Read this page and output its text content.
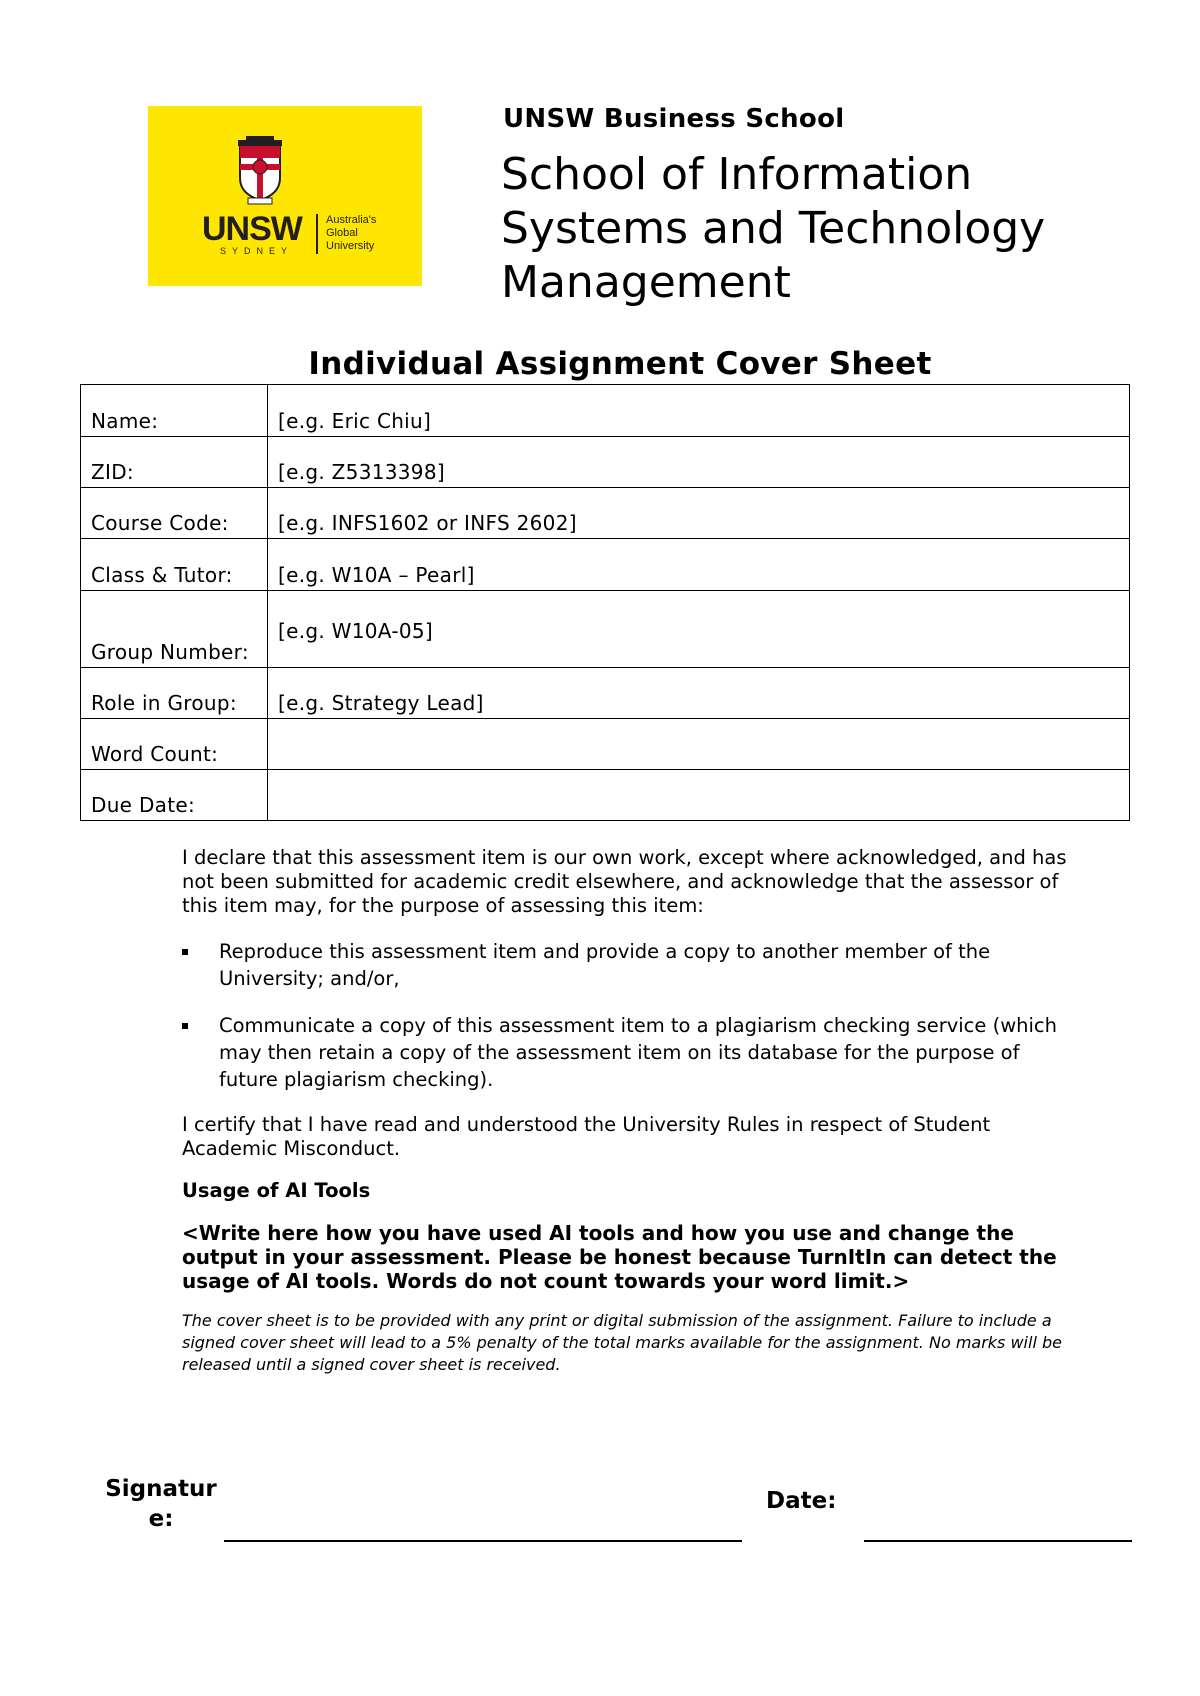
UNSW
SYDNEY
Australia's
Global
University
UNSW Business School
School of Information
Systems and Technology
Management
Individual Assignment Cover Sheet
Name:	[e.g. Eric Chiu]
ZID:	[e.g. Z5313398]
Course Code:	[e.g. INFS1602 or INFS 2602]
Class & Tutor:	[e.g. W10A – Pearl]
Group Number:	[e.g. W10A-05]
Role in Group:	[e.g. Strategy Lead]
Word Count:	
Due Date:	

I declare that this assessment item is our own work, except where acknowledged, and has not been submitted for academic credit elsewhere, and acknowledge that the assessor of this item may, for the purpose of assessing this item:

Reproduce this assessment item and provide a copy to another member of the University; and/or,
Communicate a copy of this assessment item to a plagiarism checking service (which may then retain a copy of the assessment item on its database for the purpose of future plagiarism checking).

I certify that I have read and understood the University Rules in respect of Student Academic Misconduct.

Usage of AI Tools

<Write here how you have used AI tools and how you use and change the output in your assessment. Please be honest because TurnItIn can detect the usage of AI tools. Words do not count towards your word limit.>

The cover sheet is to be provided with any print or digital submission of the assignment. Failure to include a signed cover sheet will lead to a 5% penalty of the total marks available for the assignment. No marks will be released until a signed cover sheet is received.

Signatur
e:
Date:
